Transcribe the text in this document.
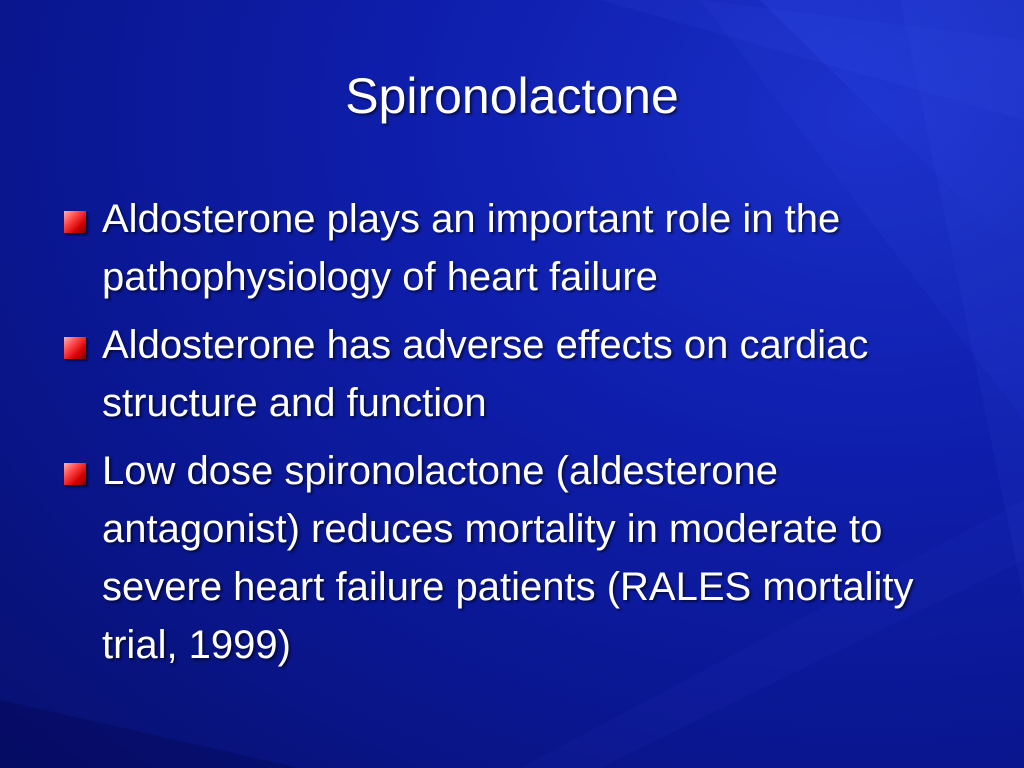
Spironolactone
Aldosterone plays an important role in the pathophysiology of heart failure
Aldosterone has adverse effects on cardiac structure and function
Low dose spironolactone (aldesterone antagonist) reduces mortality in moderate to severe heart failure patients (RALES mortality trial, 1999)
